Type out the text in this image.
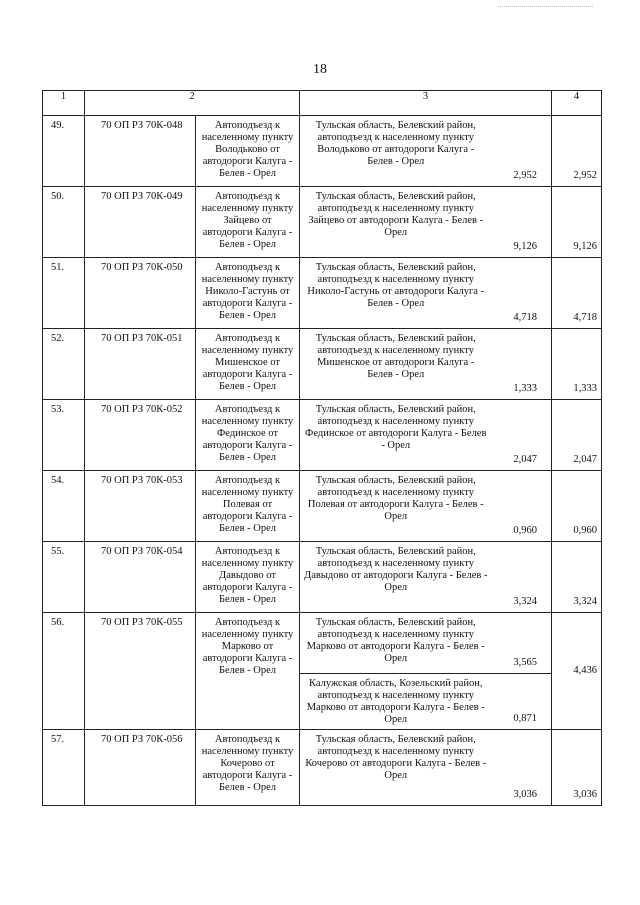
18
1	2		3		4
49.	70 ОП РЗ 70К-048	Автоподъезд к населенному пункту Володьково от автодороги Калуга - Белев - Орел	Тульская область, Белевский район, автоподъезд к населенному пункту Володьково от автодороги Калуга - Белев - Орел	2,952	2,952
50.	70 ОП РЗ 70К-049	Автоподъезд к населенному пункту Зайцево от автодороги Калуга - Белев - Орел	Тульская область, Белевский район, автоподъезд к населенному пункту Зайцево от автодороги Калуга - Белев - Орел	9,126	9,126
51.	70 ОП РЗ 70К-050	Автоподъезд к населенному пункту Николо-Гастунь от автодороги Калуга - Белев - Орел	Тульская область, Белевский район, автоподъезд к населенному пункту Николо-Гастунь от автодороги Калуга - Белев - Орел	4,718	4,718
52.	70 ОП РЗ 70К-051	Автоподъезд к населенному пункту Мишенское от автодороги Калуга - Белев - Орел	Тульская область, Белевский район, автоподъезд к населенному пункту Мишенское от автодороги Калуга - Белев - Орел	1,333	1,333
53.	70 ОП РЗ 70К-052	Автоподъезд к населенному пункту Фединское от автодороги Калуга - Белев - Орел	Тульская область, Белевский район, автоподъезд к населенному пункту Фединское от автодороги Калуга - Белев - Орел	2,047	2,047
54.	70 ОП РЗ 70К-053	Автоподъезд к населенному пункту Полевая от автодороги Калуга - Белев - Орел	Тульская область, Белевский район, автоподъезд к населенному пункту Полевая от автодороги Калуга - Белев - Орел	0,960	0,960
55.	70 ОП РЗ 70К-054	Автоподъезд к населенному пункту Давыдово от автодороги Калуга - Белев - Орел	Тульская область, Белевский район, автоподъезд к населенному пункту Давыдово от автодороги Калуга - Белев - Орел	3,324	3,324
56.	70 ОП РЗ 70К-055	Автоподъезд к населенному пункту Марково от автодороги Калуга - Белев - Орел	Тульская область, Белевский район, автоподъезд к населенному пункту Марково от автодороги Калуга - Белев - Орел	3,565	4,436
			Калужская область, Козельский район, автоподъезд к населенному пункту Марково от автодороги Калуга - Белев - Орел	0,871	
57.	70 ОП РЗ 70К-056	Автоподъезд к населенному пункту Кочерово от автодороги Калуга - Белев - Орел	Тульская область, Белевский район, автоподъезд к населенному пункту Кочерово от автодороги Калуга - Белев - Орел	3,036	3,036
